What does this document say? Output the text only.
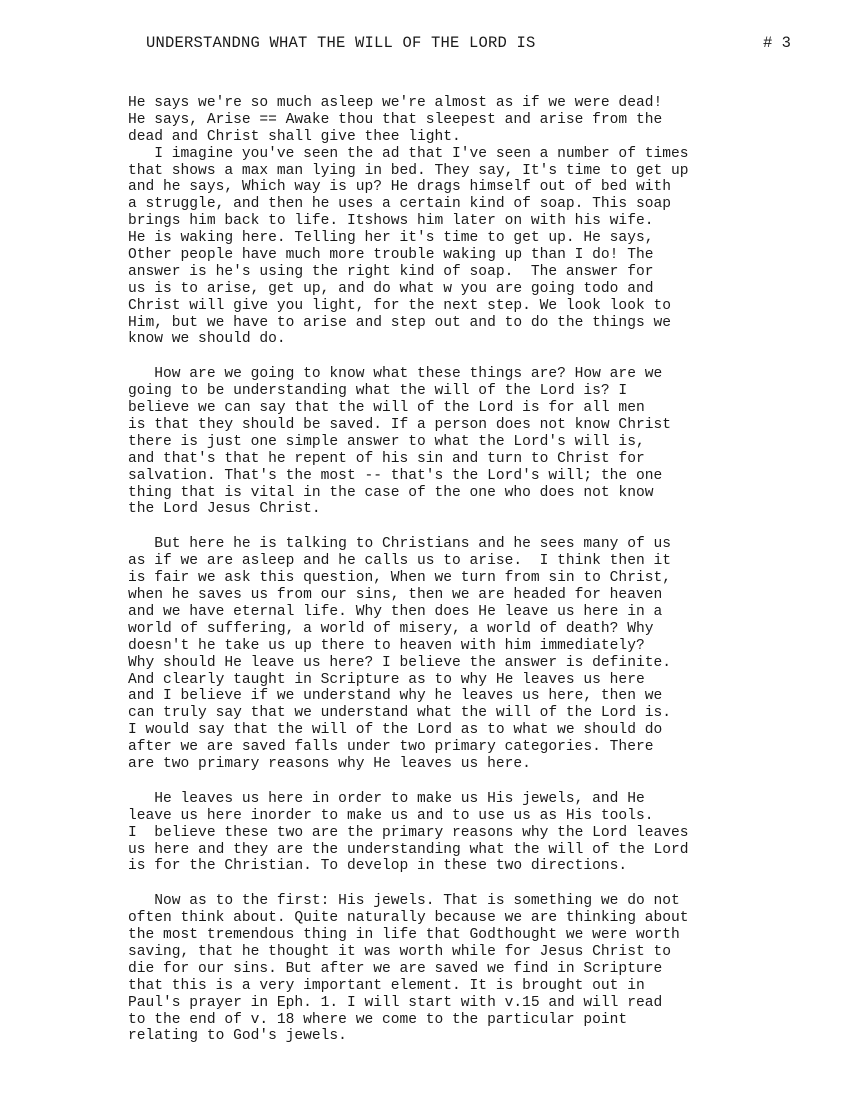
UNDERSTANDNG WHAT THE WILL OF THE LORD IS	# 3
He says we're so much asleep we're almost as if we were dead!
He says, Arise == Awake thou that sleepest and arise from the
dead and Christ shall give thee light.
I imagine you've seen the ad that I've seen a number of times
that shows a max man lying in bed. They say, It's time to get up
and he says, Which way is up? He drags himself out of bed with
a struggle, and then he uses a certain kind of soap. This soap
brings him back to life. Itshows him later on with his wife.
He is waking here. Telling her it's time to get up. He says,
Other people have much more trouble waking up than I do! The
answer is he's using the right kind of soap.  The answer for
us is to arise, get up, and do what w you are going todo and
Christ will give you light, for the next step. We look look to
Him, but we have to arise and step out and to do the things we
know we should do.
How are we going to know what these things are? How are we
going to be understanding what the will of the Lord is? I
believe we can say that the will of the Lord is for all men
is that they should be saved. If a person does not know Christ
there is just one simple answer to what the Lord's will is,
and that's that he repent of his sin and turn to Christ for
salvation. That's the most -- that's the Lord's will; the one
thing that is vital in the case of the one who does not know
the Lord Jesus Christ.
But here he is talking to Christians and he sees many of us
as if we are asleep and he calls us to arise.  I think then it
is fair we ask this question, When we turn from sin to Christ,
when he saves us from our sins, then we are headed for heaven
and we have eternal life. Why then does He leave us here in a
world of suffering, a world of misery, a world of death? Why
doesn't he take us up there to heaven with him immediately?
Why should He leave us here? I believe the answer is definite.
And clearly taught in Scripture as to why He leaves us here
and I believe if we understand why he leaves us here, then we
can truly say that we understand what the will of the Lord is.
I would say that the will of the Lord as to what we should do
after we are saved falls under two primary categories. There
are two primary reasons why He leaves us here.
He leaves us here in order to make us His jewels, and He
leave us here inorder to make us and to use us as His tools.
I  believe these two are the primary reasons why the Lord leaves
us here and they are the understanding what the will of the Lord
is for the Christian. To develop in these two directions.
Now as to the first: His jewels. That is something we do not
often think about. Quite naturally because we are thinking about
the most tremendous thing in life that Godthought we were worth
saving, that he thought it was worth while for Jesus Christ to
die for our sins. But after we are saved we find in Scripture
that this is a very important element. It is brought out in
Paul's prayer in Eph. 1. I will start with v.15 and will read
to the end of v. 18 where we come to the particular point
relating to God's jewels.
